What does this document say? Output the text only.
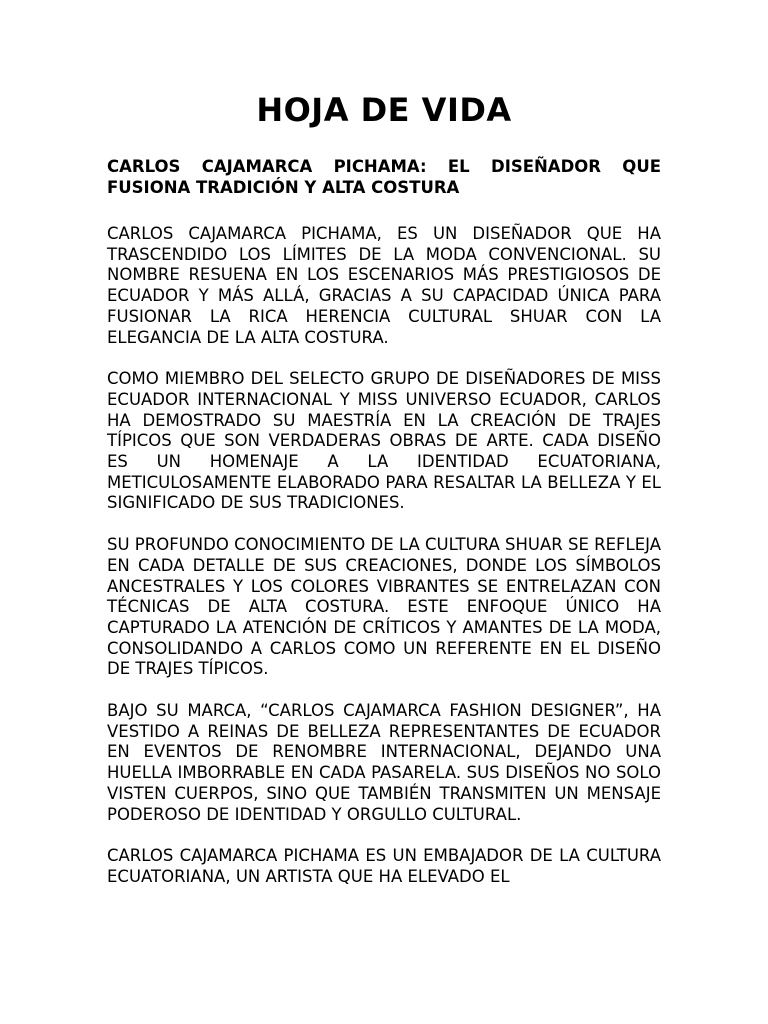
HOJA DE VIDA

CARLOS CAJAMARCA PICHAMA: EL DISEÑADOR QUE FUSIONA TRADICIÓN Y ALTA COSTURA

CARLOS CAJAMARCA PICHAMA, ES UN DISEÑADOR QUE HA TRASCENDIDO LOS LÍMITES DE LA MODA CONVENCIONAL. SU NOMBRE RESUENA EN LOS ESCENARIOS MÁS PRESTIGIOSOS DE ECUADOR Y MÁS ALLÁ, GRACIAS A SU CAPACIDAD ÚNICA PARA FUSIONAR LA RICA HERENCIA CULTURAL SHUAR CON LA ELEGANCIA DE LA ALTA COSTURA.

COMO MIEMBRO DEL SELECTO GRUPO DE DISEÑADORES DE MISS ECUADOR INTERNACIONAL Y MISS UNIVERSO ECUADOR, CARLOS HA DEMOSTRADO SU MAESTRÍA EN LA CREACIÓN DE TRAJES TÍPICOS QUE SON VERDADERAS OBRAS DE ARTE. CADA DISEÑO ES UN HOMENAJE A LA IDENTIDAD ECUATORIANA, METICULOSAMENTE ELABORADO PARA RESALTAR LA BELLEZA Y EL SIGNIFICADO DE SUS TRADICIONES.

SU PROFUNDO CONOCIMIENTO DE LA CULTURA SHUAR SE REFLEJA EN CADA DETALLE DE SUS CREACIONES, DONDE LOS SÍMBOLOS ANCESTRALES Y LOS COLORES VIBRANTES SE ENTRELAZAN CON TÉCNICAS DE ALTA COSTURA. ESTE ENFOQUE ÚNICO HA CAPTURADO LA ATENCIÓN DE CRÍTICOS Y AMANTES DE LA MODA, CONSOLIDANDO A CARLOS COMO UN REFERENTE EN EL DISEÑO DE TRAJES TÍPICOS.

BAJO SU MARCA, “CARLOS CAJAMARCA FASHION DESIGNER”, HA VESTIDO A REINAS DE BELLEZA REPRESENTANTES DE ECUADOR EN EVENTOS DE RENOMBRE INTERNACIONAL, DEJANDO UNA HUELLA IMBORRABLE EN CADA PASARELA. SUS DISEÑOS NO SOLO VISTEN CUERPOS, SINO QUE TAMBIÉN TRANSMITEN UN MENSAJE PODEROSO DE IDENTIDAD Y ORGULLO CULTURAL.

CARLOS CAJAMARCA PICHAMA ES UN EMBAJADOR DE LA CULTURA ECUATORIANA, UN ARTISTA QUE HA ELEVADO EL
